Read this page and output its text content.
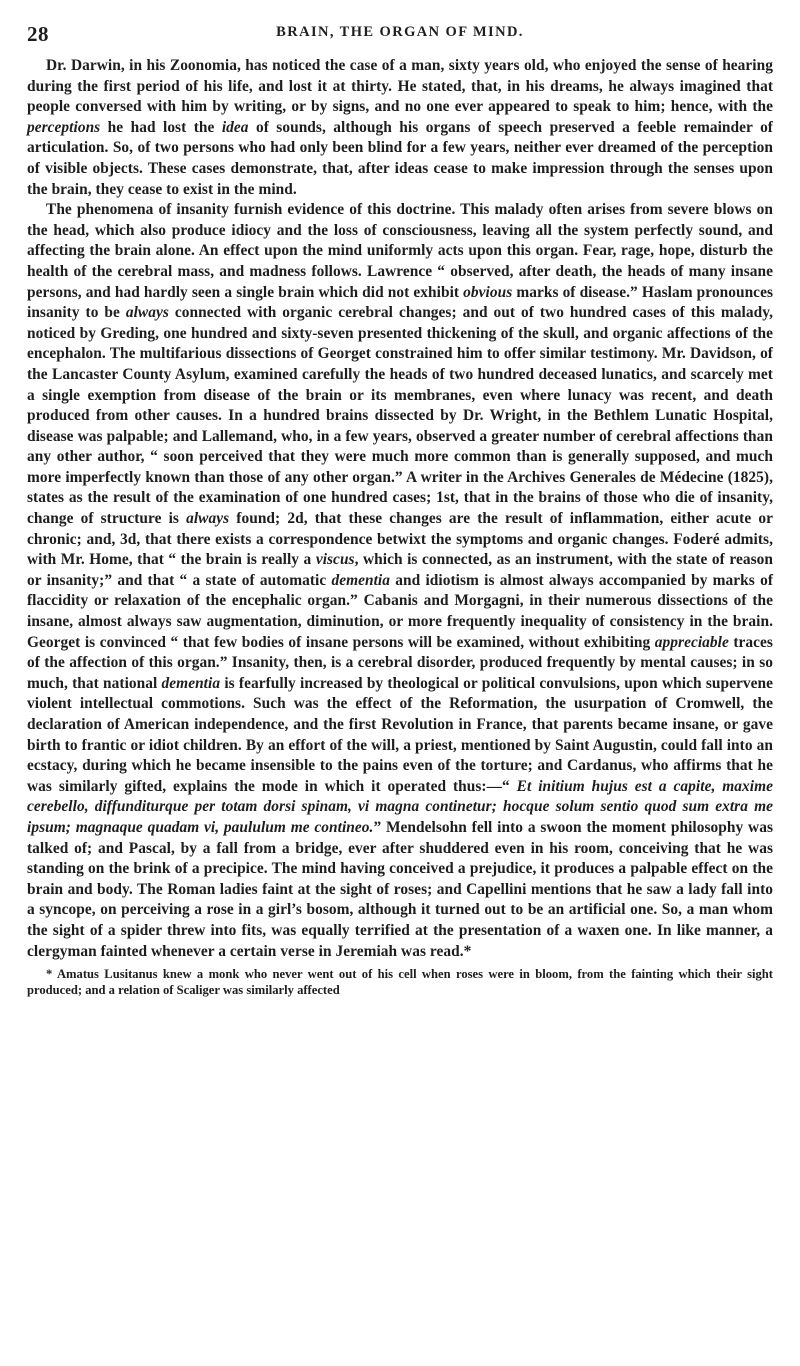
28	BRAIN, THE ORGAN OF MIND.

Dr. Darwin, in his Zoonomia, has noticed the case of a man, sixty years old, who enjoyed the sense of hearing during the first period of his life, and lost it at thirty. He stated, that, in his dreams, he always imagined that people conversed with him by writing, or by signs, and no one ever appeared to speak to him; hence, with the perceptions he had lost the idea of sounds, although his organs of speech preserved a feeble remainder of articulation. So, of two persons who had only been blind for a few years, neither ever dreamed of the perception of visible objects. These cases demonstrate, that, after ideas cease to make impression through the senses upon the brain, they cease to exist in the mind.

The phenomena of insanity furnish evidence of this doctrine. This malady often arises from severe blows on the head, which also produce idiocy and the loss of consciousness, leaving all the system perfectly sound, and affecting the brain alone. An effect upon the mind uniformly acts upon this organ. Fear, rage, hope, disturb the health of the cerebral mass, and madness follows. Lawrence “ observed, after death, the heads of many insane persons, and had hardly seen a single brain which did not exhibit obvious marks of disease.” Haslam pronounces insanity to be always connected with organic cerebral changes; and out of two hundred cases of this malady, noticed by Greding, one hundred and sixty-seven presented thickening of the skull, and organic affections of the encephalon. The multifarious dissections of Georget constrained him to offer similar testimony. Mr. Davidson, of the Lancaster County Asylum, examined carefully the heads of two hundred deceased lunatics, and scarcely met a single exemption from disease of the brain or its membranes, even where lunacy was recent, and death produced from other causes. In a hundred brains dissected by Dr. Wright, in the Bethlem Lunatic Hospital, disease was palpable; and Lallemand, who, in a few years, observed a greater number of cerebral affections than any other author, “ soon perceived that they were much more common than is generally supposed, and much more imperfectly known than those of any other organ.” A writer in the Archives Generales de Médecine (1825), states as the result of the examination of one hundred cases; 1st, that in the brains of those who die of insanity, change of structure is always found; 2d, that these changes are the result of inflammation, either acute or chronic; and, 3d, that there exists a correspondence betwixt the symptoms and organic changes. Foderé admits, with Mr. Home, that “ the brain is really a viscus, which is connected, as an instrument, with the state of reason or insanity;” and that “ a state of automatic dementia and idiotism is almost always accompanied by marks of flaccidity or relaxation of the encephalic organ.” Cabanis and Morgagni, in their numerous dissections of the insane, almost always saw augmentation, diminution, or more frequently inequality of consistency in the brain. Georget is convinced “ that few bodies of insane persons will be examined, without exhibiting appreciable traces of the affection of this organ.” Insanity, then, is a cerebral disorder, produced frequently by mental causes; in so much, that national dementia is fearfully increased by theological or political convulsions, upon which supervene violent intellectual commotions. Such was the effect of the Reformation, the usurpation of Cromwell, the declaration of American independence, and the first Revolution in France, that parents became insane, or gave birth to frantic or idiot children. By an effort of the will, a priest, mentioned by Saint Augustin, could fall into an ecstacy, during which he became insensible to the pains even of the torture; and Cardanus, who affirms that he was similarly gifted, explains the mode in which it operated thus:—“ Et initium hujus est a capite, maxime cerebello, diffunditurque per totam dorsi spinam, vi magna continetur; hocque solum sentio quod sum extra me ipsum; magnaque quadam vi, paululum me contineo.” Mendelsohn fell into a swoon the moment philosophy was talked of; and Pascal, by a fall from a bridge, ever after shuddered even in his room, conceiving that he was standing on the brink of a precipice. The mind having conceived a prejudice, it produces a palpable effect on the brain and body. The Roman ladies faint at the sight of roses; and Capellini mentions that he saw a lady fall into a syncope, on perceiving a rose in a girl’s bosom, although it turned out to be an artificial one. So, a man whom the sight of a spider threw into fits, was equally terrified at the presentation of a waxen one. In like manner, a clergyman fainted whenever a certain verse in Jeremiah was read.*

* Amatus Lusitanus knew a monk who never went out of his cell when roses were in bloom, from the fainting which their sight produced; and a relation of Scaliger was similarly affected
